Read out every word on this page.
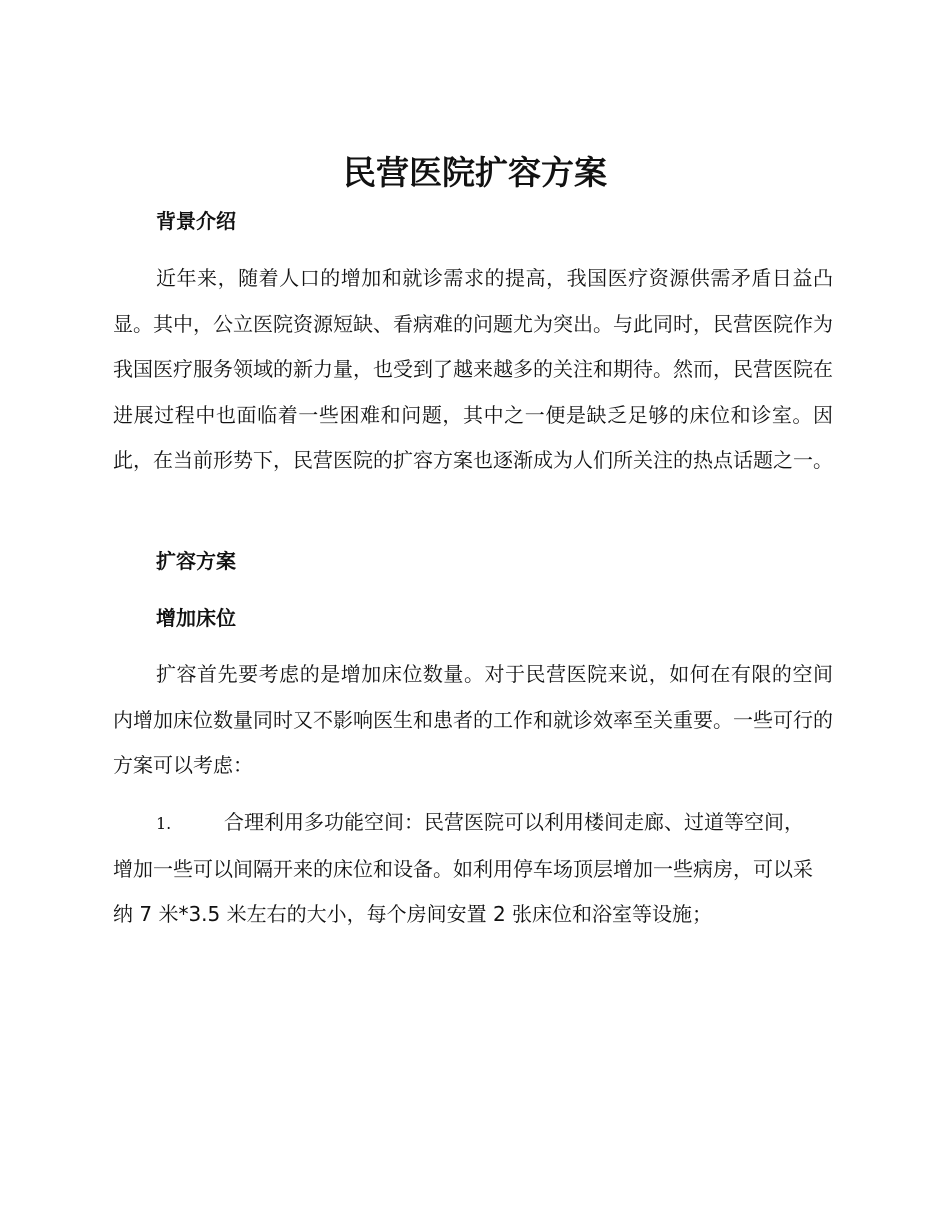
民营医院扩容方案
背景介绍

近年来，随着人口的增加和就诊需求的提高，我国医疗资源供需矛盾日益凸显。其中，公立医院资源短缺、看病难的问题尤为突出。与此同时，民营医院作为我国医疗服务领域的新力量，也受到了越来越多的关注和期待。然而，民营医院在进展过程中也面临着一些困难和问题，其中之一便是缺乏足够的床位和诊室。因此，在当前形势下，民营医院的扩容方案也逐渐成为人们所关注的热点话题之一。

扩容方案
增加床位

扩容首先要考虑的是增加床位数量。对于民营医院来说，如何在有限的空间内增加床位数量同时又不影响医生和患者的工作和就诊效率至关重要。一些可行的方案可以考虑：

1.	合理利用多功能空间：民营医院可以利用楼间走廊、过道等空间，增加一些可以间隔开来的床位和设备。如利用停车场顶层增加一些病房，可以采纳 7 米*3.5 米左右的大小，每个房间安置 2 张床位和浴室等设施；
